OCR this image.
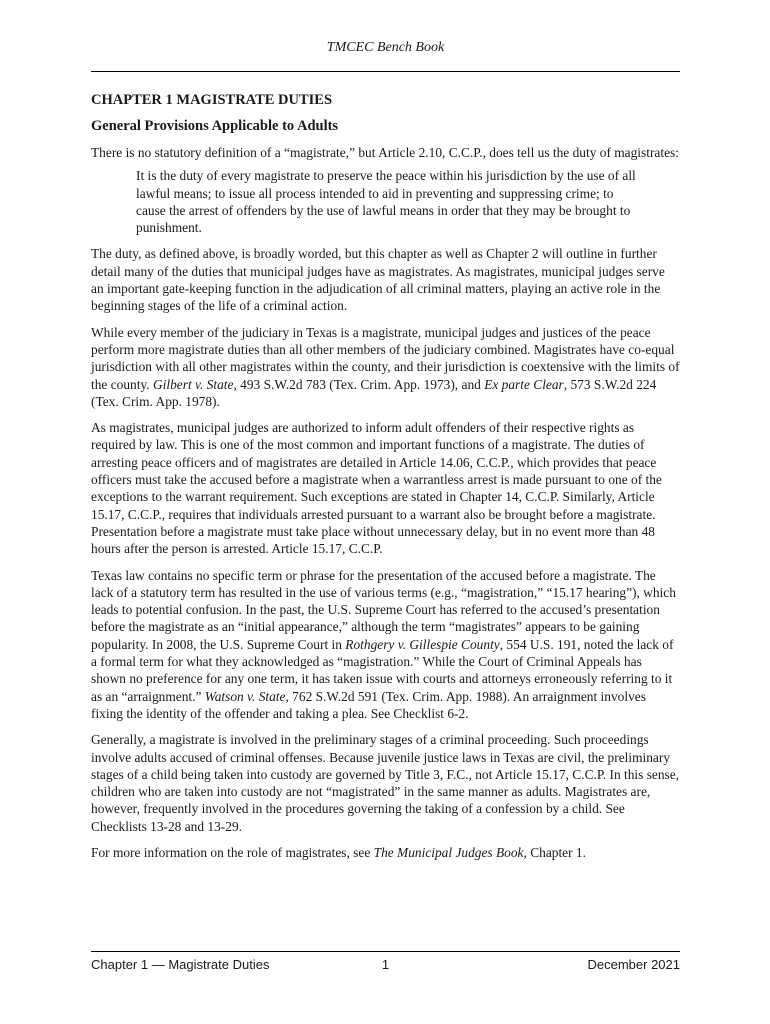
TMCEC Bench Book
CHAPTER 1 MAGISTRATE DUTIES
General Provisions Applicable to Adults

There is no statutory definition of a “magistrate,” but Article 2.10, C.C.P., does tell us the duty of magistrates:

It is the duty of every magistrate to preserve the peace within his jurisdiction by the use of all lawful means; to issue all process intended to aid in preventing and suppressing crime; to cause the arrest of offenders by the use of lawful means in order that they may be brought to punishment.

The duty, as defined above, is broadly worded, but this chapter as well as Chapter 2 will outline in further detail many of the duties that municipal judges have as magistrates. As magistrates, municipal judges serve an important gate-keeping function in the adjudication of all criminal matters, playing an active role in the beginning stages of the life of a criminal action.

While every member of the judiciary in Texas is a magistrate, municipal judges and justices of the peace perform more magistrate duties than all other members of the judiciary combined. Magistrates have co-equal jurisdiction with all other magistrates within the county, and their jurisdiction is coextensive with the limits of the county. Gilbert v. State, 493 S.W.2d 783 (Tex. Crim. App. 1973), and Ex parte Clear, 573 S.W.2d 224 (Tex. Crim. App. 1978).

As magistrates, municipal judges are authorized to inform adult offenders of their respective rights as required by law. This is one of the most common and important functions of a magistrate. The duties of arresting peace officers and of magistrates are detailed in Article 14.06, C.C.P., which provides that peace officers must take the accused before a magistrate when a warrantless arrest is made pursuant to one of the exceptions to the warrant requirement. Such exceptions are stated in Chapter 14, C.C.P. Similarly, Article 15.17, C.C.P., requires that individuals arrested pursuant to a warrant also be brought before a magistrate. Presentation before a magistrate must take place without unnecessary delay, but in no event more than 48 hours after the person is arrested. Article 15.17, C.C.P.

Texas law contains no specific term or phrase for the presentation of the accused before a magistrate. The lack of a statutory term has resulted in the use of various terms (e.g., “magistration,” “15.17 hearing”), which leads to potential confusion. In the past, the U.S. Supreme Court has referred to the accused’s presentation before the magistrate as an “initial appearance,” although the term “magistrates” appears to be gaining popularity. In 2008, the U.S. Supreme Court in Rothgery v. Gillespie County, 554 U.S. 191, noted the lack of a formal term for what they acknowledged as “magistration.” While the Court of Criminal Appeals has shown no preference for any one term, it has taken issue with courts and attorneys erroneously referring to it as an “arraignment.” Watson v. State, 762 S.W.2d 591 (Tex. Crim. App. 1988). An arraignment involves fixing the identity of the offender and taking a plea. See Checklist 6-2.

Generally, a magistrate is involved in the preliminary stages of a criminal proceeding. Such proceedings involve adults accused of criminal offenses. Because juvenile justice laws in Texas are civil, the preliminary stages of a child being taken into custody are governed by Title 3, F.C., not Article 15.17, C.C.P. In this sense, children who are taken into custody are not “magistrated” in the same manner as adults. Magistrates are, however, frequently involved in the procedures governing the taking of a confession by a child. See Checklists 13-28 and 13-29.

For more information on the role of magistrates, see The Municipal Judges Book, Chapter 1.

Chapter 1 — Magistrate Duties	1	December 2021
